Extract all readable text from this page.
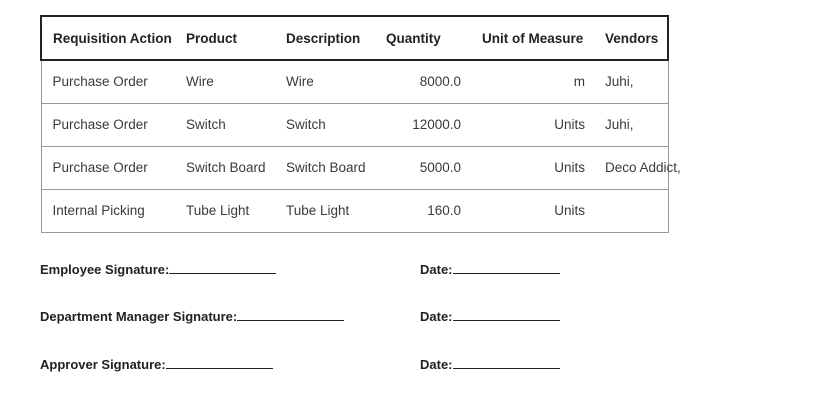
Requisition Action	Product	Description	Quantity	Unit of Measure	Vendors
Purchase Order	Wire	Wire	8000.0	m	Juhi,
Purchase Order	Switch	Switch	12000.0	Units	Juhi,
Purchase Order	Switch Board	Switch Board	5000.0	Units	Deco Addict,
Internal Picking	Tube Light	Tube Light	160.0	Units	
Employee Signature:	Date:
Department Manager Signature:	Date:
Approver Signature:	Date:
